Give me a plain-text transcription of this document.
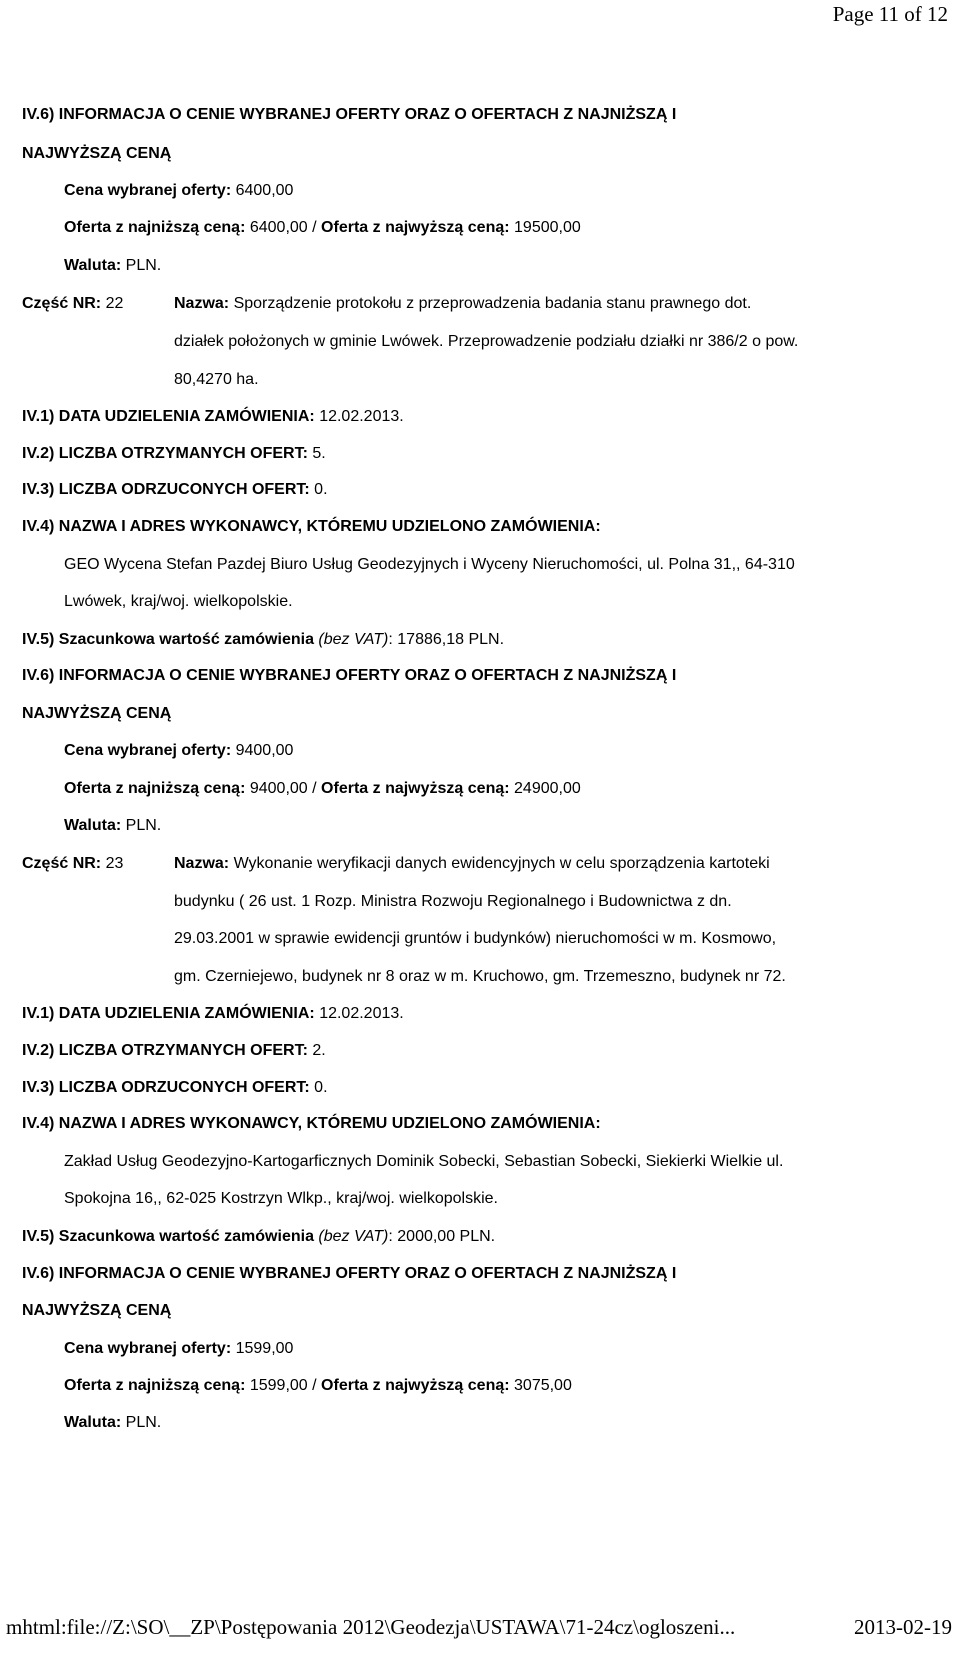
Page 11 of 12
IV.6) INFORMACJA O CENIE WYBRANEJ OFERTY ORAZ O OFERTACH Z NAJNIŻSZĄ I
NAJWYŻSZĄ CENĄ
Cena wybranej oferty: 6400,00
Oferta z najniższą ceną: 6400,00 / Oferta z najwyższą ceną: 19500,00
Waluta: PLN.
Część NR: 22	Nazwa: Sporządzenie protokołu z przeprowadzenia badania stanu prawnego dot.
działek położonych w gminie Lwówek. Przeprowadzenie podziału działki nr 386/2 o pow.
80,4270 ha.
IV.1) DATA UDZIELENIA ZAMÓWIENIA: 12.02.2013.
IV.2) LICZBA OTRZYMANYCH OFERT: 5.
IV.3) LICZBA ODRZUCONYCH OFERT: 0.
IV.4) NAZWA I ADRES WYKONAWCY, KTÓREMU UDZIELONO ZAMÓWIENIA:
GEO Wycena Stefan Pazdej Biuro Usług Geodezyjnych i Wyceny Nieruchomości, ul. Polna 31,, 64-310
Lwówek, kraj/woj. wielkopolskie.
IV.5) Szacunkowa wartość zamówienia (bez VAT): 17886,18 PLN.
IV.6) INFORMACJA O CENIE WYBRANEJ OFERTY ORAZ O OFERTACH Z NAJNIŻSZĄ I
NAJWYŻSZĄ CENĄ
Cena wybranej oferty: 9400,00
Oferta z najniższą ceną: 9400,00 / Oferta z najwyższą ceną: 24900,00
Waluta: PLN.
Część NR: 23	Nazwa: Wykonanie weryfikacji danych ewidencyjnych w celu sporządzenia kartoteki
budynku ( 26 ust. 1 Rozp. Ministra Rozwoju Regionalnego i Budownictwa z dn.
29.03.2001 w sprawie ewidencji gruntów i budynków) nieruchomości w m. Kosmowo,
gm. Czerniejewo, budynek nr 8 oraz w m. Kruchowo, gm. Trzemeszno, budynek nr 72.
IV.1) DATA UDZIELENIA ZAMÓWIENIA: 12.02.2013.
IV.2) LICZBA OTRZYMANYCH OFERT: 2.
IV.3) LICZBA ODRZUCONYCH OFERT: 0.
IV.4) NAZWA I ADRES WYKONAWCY, KTÓREMU UDZIELONO ZAMÓWIENIA:
Zakład Usług Geodezyjno-Kartogarficznych Dominik Sobecki, Sebastian Sobecki, Siekierki Wielkie ul.
Spokojna 16,, 62-025 Kostrzyn Wlkp., kraj/woj. wielkopolskie.
IV.5) Szacunkowa wartość zamówienia (bez VAT): 2000,00 PLN.
IV.6) INFORMACJA O CENIE WYBRANEJ OFERTY ORAZ O OFERTACH Z NAJNIŻSZĄ I
NAJWYŻSZĄ CENĄ
Cena wybranej oferty: 1599,00
Oferta z najniższą ceną: 1599,00 / Oferta z najwyższą ceną: 3075,00
Waluta: PLN.
mhtml:file://Z:\SO\__ZP\Postępowania 2012\Geodezja\USTAWA\71-24cz\ogloszeni...	2013-02-19
